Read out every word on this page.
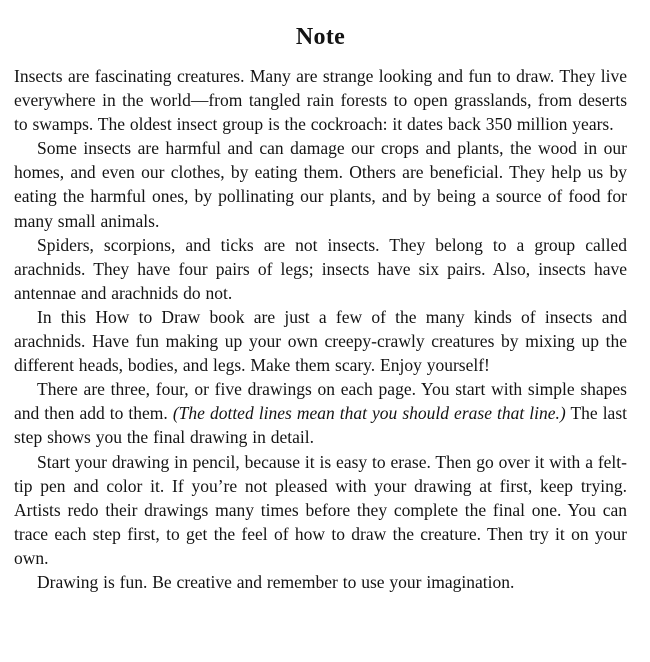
Note

Insects are fascinating creatures. Many are strange looking and fun to draw. They live everywhere in the world—from tangled rain forests to open grasslands, from deserts to swamps. The oldest insect group is the cockroach: it dates back 350 million years.

Some insects are harmful and can damage our crops and plants, the wood in our homes, and even our clothes, by eating them. Others are beneficial. They help us by eating the harmful ones, by pollinating our plants, and by being a source of food for many small animals.

Spiders, scorpions, and ticks are not insects. They belong to a group called arachnids. They have four pairs of legs; insects have six pairs. Also, insects have antennae and arachnids do not.

In this How to Draw book are just a few of the many kinds of insects and arachnids. Have fun making up your own creepy-crawly creatures by mixing up the different heads, bodies, and legs. Make them scary. Enjoy yourself!

There are three, four, or five drawings on each page. You start with simple shapes and then add to them. (The dotted lines mean that you should erase that line.) The last step shows you the final drawing in detail.

Start your drawing in pencil, because it is easy to erase. Then go over it with a felt-tip pen and color it. If you’re not pleased with your drawing at first, keep trying. Artists redo their drawings many times before they complete the final one. You can trace each step first, to get the feel of how to draw the creature. Then try it on your own.

Drawing is fun. Be creative and remember to use your imagination.
